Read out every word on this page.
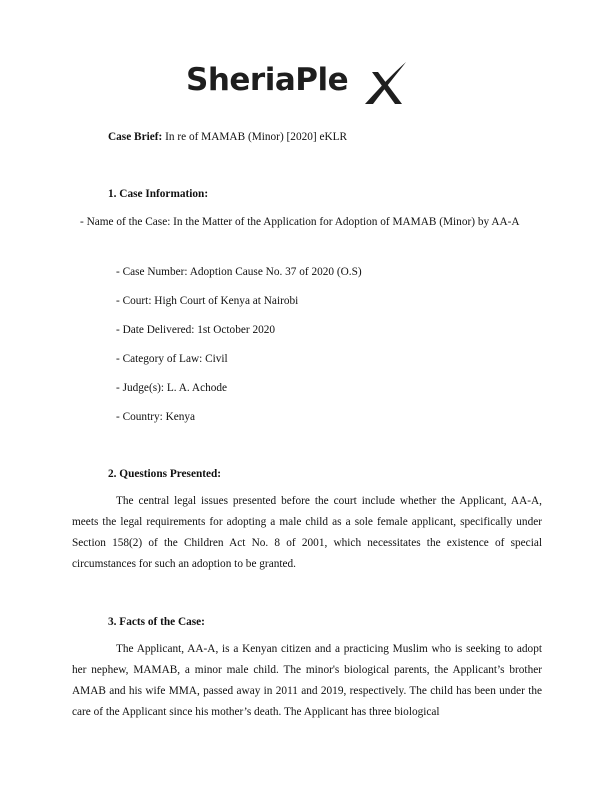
SheriaPle
Case Brief: In re of MAMAB (Minor) [2020] eKLR
1. Case Information:
- Name of the Case: In the Matter of the Application for Adoption of MAMAB (Minor) by AA-A
- Case Number: Adoption Cause No. 37 of 2020 (O.S)
- Court: High Court of Kenya at Nairobi
- Date Delivered: 1st October 2020
- Category of Law: Civil
- Judge(s): L. A. Achode
- Country: Kenya
2. Questions Presented:
The central legal issues presented before the court include whether the Applicant, AA-A, meets the legal requirements for adopting a male child as a sole female applicant, specifically under Section 158(2) of the Children Act No. 8 of 2001, which necessitates the existence of special circumstances for such an adoption to be granted.
3. Facts of the Case:
The Applicant, AA-A, is a Kenyan citizen and a practicing Muslim who is seeking to adopt her nephew, MAMAB, a minor male child. The minor's biological parents, the Applicant’s brother AMAB and his wife MMA, passed away in 2011 and 2019, respectively. The child has been under the care of the Applicant since his mother’s death. The Applicant has three biological
